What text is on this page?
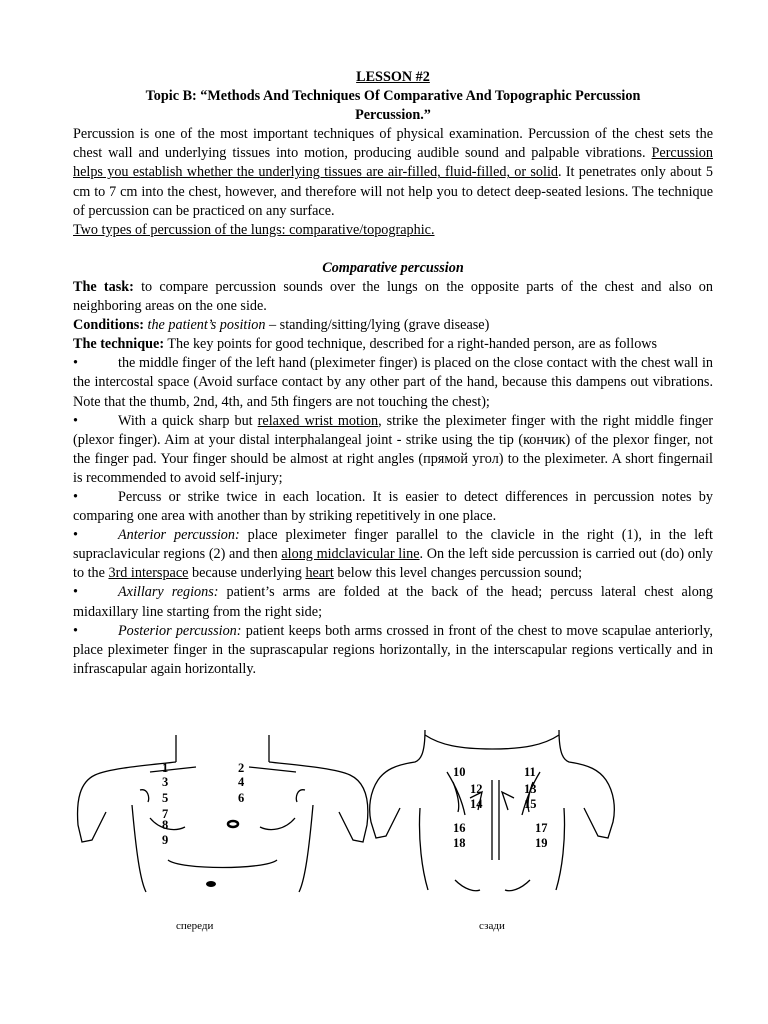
LESSON #2

Topic B: “Methods And Techniques Of Comparative And Topographic Percussion

Percussion.”

Percussion is one of the most important techniques of physical examination. Percussion of the chest sets the chest wall and underlying tissues into motion, producing audible sound and palpable vibrations. Percussion helps you establish whether the underlying tissues are air-filled, fluid-filled, or solid. It penetrates only about 5 cm to 7 cm into the chest, however, and therefore will not help you to detect deep-seated lesions. The technique of percussion can be practiced on any surface.

Two types of percussion of the lungs: comparative/topographic.

Comparative percussion

The task: to compare percussion sounds over the lungs on the opposite parts of the chest and also on neighboring areas on the one side.

Conditions: the patient’s position – standing/sitting/lying (grave disease)

The technique: The key points for good technique, described for a right-handed person, are as follows

•	the middle finger of the left hand (pleximeter finger) is placed on the close contact with the chest wall in the intercostal space (Avoid surface contact by any other part of the hand, because this dampens out vibrations. Note that the thumb, 2nd, 4th, and 5th fingers are not touching the chest);

•	With a quick sharp but relaxed wrist motion, strike the pleximeter finger with the right middle finger (plexor finger). Aim at your distal interphalangeal joint - strike using the tip (кончик) of the plexor finger, not the finger pad. Your finger should be almost at right angles (прямой угол) to the pleximeter. A short fingernail is recommended to avoid self-injury;

•	Percuss or strike twice in each location. It is easier to detect differences in percussion notes by comparing one area with another than by striking repetitively in one place.

•	Anterior percussion: place pleximeter finger parallel to the clavicle in the right (1), in the left supraclavicular regions (2) and then along midclavicular line. On the left side percussion is carried out (do) only to the 3rd interspace because underlying heart below this level changes percussion sound;

•	Axillary regions: patient’s arms are folded at the back of the head; percuss lateral chest along midaxillary line starting from the right side;

•	Posterior percussion: patient keeps both arms crossed in front of the chest to move scapulae anteriorly, place pleximeter finger in the suprascapular regions horizontally, in the interscapular regions vertically and in infrascapular again horizontally.

1	2
3	4
5	6
7
8
9
10	11
12	13
14	15
16	17
18	19
спереди	сзади
